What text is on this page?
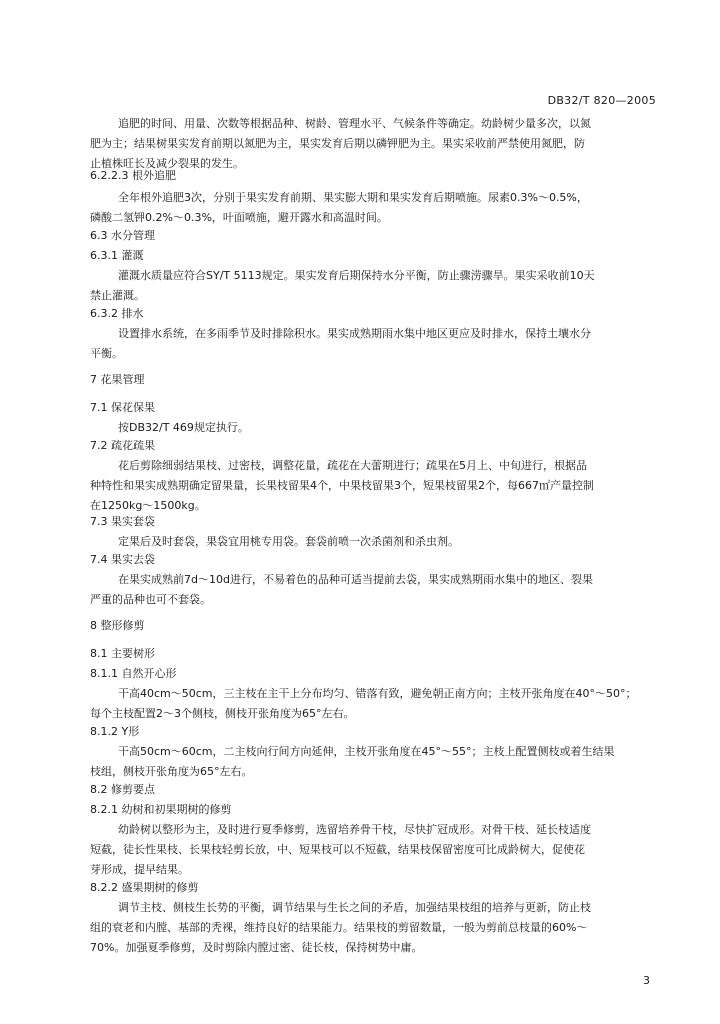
DB32/T 820—2005
追肥的时间、用量、次数等根据品种、树龄、管理水平、气候条件等确定。幼龄树少量多次，以氮
肥为主；结果树果实发育前期以氮肥为主，果实发育后期以磷钾肥为主。果实采收前严禁使用氮肥，防
止植株旺长及减少裂果的发生。
6.2.2.3 根外追肥
全年根外追肥3次，分别于果实发育前期、果实膨大期和果实发育后期喷施。尿素0.3%～0.5%，
磷酸二氢钾0.2%～0.3%，叶面喷施，避开露水和高温时间。
6.3 水分管理
6.3.1 灌溉
灌溉水质量应符合SY/T 5113规定。果实发育后期保持水分平衡，防止骤涝骤旱。果实采收前10天
禁止灌溉。
6.3.2 排水
设置排水系统，在多雨季节及时排除积水。果实成熟期雨水集中地区更应及时排水，保持土壤水分
平衡。
7 花果管理
7.1 保花保果
按DB32/T 469规定执行。
7.2 疏花疏果
花后剪除细弱结果枝、过密枝，调整花量，疏花在大蕾期进行；疏果在5月上、中旬进行，根据品
种特性和果实成熟期确定留果量，长果枝留果4个，中果枝留果3个，短果枝留果2个，每667㎡产量控制
在1250kg～1500kg。
7.3 果实套袋
定果后及时套袋，果袋宜用桃专用袋。套袋前喷一次杀菌剂和杀虫剂。
7.4 果实去袋
在果实成熟前7d～10d进行，不易着色的品种可适当提前去袋，果实成熟期雨水集中的地区、裂果
严重的品种也可不套袋。
8 整形修剪
8.1 主要树形
8.1.1 自然开心形
干高40cm～50cm，三主枝在主干上分布均匀、错落有致，避免朝正南方向；主枝开张角度在40°～50°；
每个主枝配置2～3个侧枝，侧枝开张角度为65°左右。
8.1.2 Y形
干高50cm～60cm，二主枝向行间方向延伸，主枝开张角度在45°～55°；主枝上配置侧枝或着生结果
枝组，侧枝开张角度为65°左右。
8.2 修剪要点
8.2.1 幼树和初果期树的修剪
幼龄树以整形为主，及时进行夏季修剪，选留培养骨干枝，尽快扩冠成形。对骨干枝、延长枝适度
短截，徒长性果枝、长果枝轻剪长放，中、短果枝可以不短截，结果枝保留密度可比成龄树大，促使花
芽形成，提早结果。
8.2.2 盛果期树的修剪
调节主枝、侧枝生长势的平衡，调节结果与生长之间的矛盾，加强结果枝组的培养与更新，防止枝
组的衰老和内膛、基部的秃裸，维持良好的结果能力。结果枝的剪留数量，一般为剪前总枝量的60%～
70%。加强夏季修剪，及时剪除内膛过密、徒长枝，保持树势中庸。
3
